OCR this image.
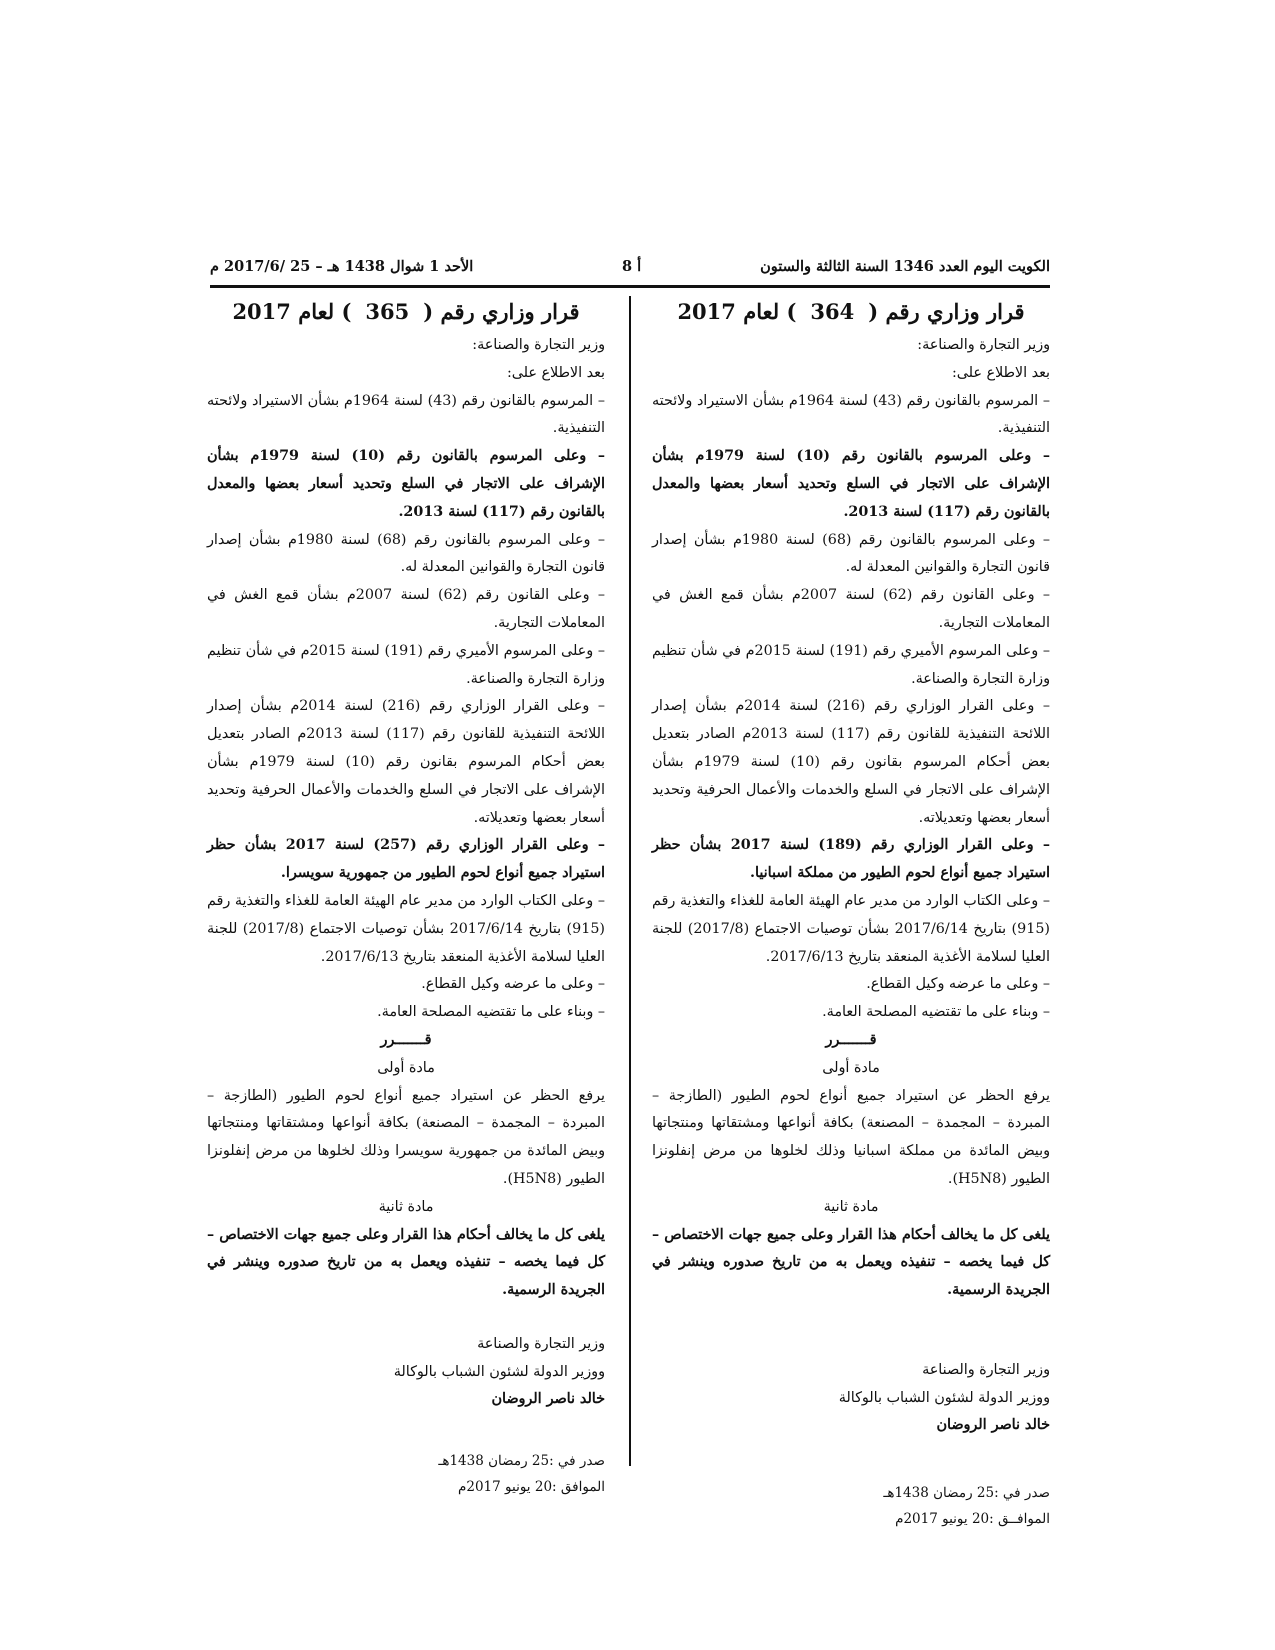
الكويت اليوم العدد 1346 السنة الثالثة والستون
أ 8
الأحد 1 شوال 1438 هـ – 25 /2017/6 م
قرار وزاري رقم (364) لعام 2017

وزير التجارة والصناعة:

بعد الاطلاع على:

– المرسوم بالقانون رقم (43) لسنة 1964م بشأن الاستيراد ولائحته التنفيذية.

– وعلى المرسوم بالقانون رقم (10) لسنة 1979م بشأن الإشراف على الاتجار في السلع وتحديد أسعار بعضها والمعدل بالقانون رقم (117) لسنة 2013.

– وعلى المرسوم بالقانون رقم (68) لسنة 1980م بشأن إصدار قانون التجارة والقوانين المعدلة له.

– وعلى القانون رقم (62) لسنة 2007م بشأن قمع الغش في المعاملات التجارية.

– وعلى المرسوم الأميري رقم (191) لسنة 2015م في شأن تنظيم وزارة التجارة والصناعة.

– وعلى القرار الوزاري رقم (216) لسنة 2014م بشأن إصدار اللائحة التنفيذية للقانون رقم (117) لسنة 2013م الصادر بتعديل بعض أحكام المرسوم بقانون رقم (10) لسنة 1979م بشأن الإشراف على الاتجار في السلع والخدمات والأعمال الحرفية وتحديد أسعار بعضها وتعديلاته.

– وعلى القرار الوزاري رقم (189) لسنة 2017 بشأن حظر استيراد جميع أنواع لحوم الطيور من مملكة اسبانيا.

– وعلى الكتاب الوارد من مدير عام الهيئة العامة للغذاء والتغذية رقم (915) بتاريخ 2017/6/14 بشأن توصيات الاجتماع (2017/8) للجنة العليا لسلامة الأغذية المنعقد بتاريخ 2017/6/13.

– وعلى ما عرضه وكيل القطاع.

– وبناء على ما تقتضيه المصلحة العامة.

قـــــــرر

مادة أولى

يرفع الحظر عن استيراد جميع أنواع لحوم الطيور (الطازجة – المبردة – المجمدة – المصنعة) بكافة أنواعها ومشتقاتها ومنتجاتها وبيض المائدة من مملكة اسبانيا وذلك لخلوها من مرض إنفلونزا الطيور (H5N8).

مادة ثانية

يلغى كل ما يخالف أحكام هذا القرار وعلى جميع جهات الاختصاص – كل فيما يخصه – تنفيذه ويعمل به من تاريخ صدوره وينشر في الجريدة الرسمية.

وزير التجارة والصناعة

ووزير الدولة لشئون الشباب بالوكالة

خالد ناصر الروضان

صدر في :25 رمضان 1438هـ

الموافــق :20 يونيو 2017م

قرار وزاري رقم (365) لعام 2017

وزير التجارة والصناعة:

بعد الاطلاع على:

– المرسوم بالقانون رقم (43) لسنة 1964م بشأن الاستيراد ولائحته التنفيذية.

– وعلى المرسوم بالقانون رقم (10) لسنة 1979م بشأن الإشراف على الاتجار في السلع وتحديد أسعار بعضها والمعدل بالقانون رقم (117) لسنة 2013.

– وعلى المرسوم بالقانون رقم (68) لسنة 1980م بشأن إصدار قانون التجارة والقوانين المعدلة له.

– وعلى القانون رقم (62) لسنة 2007م بشأن قمع الغش في المعاملات التجارية.

– وعلى المرسوم الأميري رقم (191) لسنة 2015م في شأن تنظيم وزارة التجارة والصناعة.

– وعلى القرار الوزاري رقم (216) لسنة 2014م بشأن إصدار اللائحة التنفيذية للقانون رقم (117) لسنة 2013م الصادر بتعديل بعض أحكام المرسوم بقانون رقم (10) لسنة 1979م بشأن الإشراف على الاتجار في السلع والخدمات والأعمال الحرفية وتحديد أسعار بعضها وتعديلاته.

– وعلى القرار الوزاري رقم (257) لسنة 2017 بشأن حظر استيراد جميع أنواع لحوم الطيور من جمهورية سويسرا.

– وعلى الكتاب الوارد من مدير عام الهيئة العامة للغذاء والتغذية رقم (915) بتاريخ 2017/6/14 بشأن توصيات الاجتماع (2017/8) للجنة العليا لسلامة الأغذية المنعقد بتاريخ 2017/6/13.

– وعلى ما عرضه وكيل القطاع.

– وبناء على ما تقتضيه المصلحة العامة.

قـــــــرر

مادة أولى

يرفع الحظر عن استيراد جميع أنواع لحوم الطيور (الطازجة – المبردة – المجمدة – المصنعة) بكافة أنواعها ومشتقاتها ومنتجاتها وبيض المائدة من جمهورية سويسرا وذلك لخلوها من مرض إنفلونزا الطيور (H5N8).

مادة ثانية

يلغى كل ما يخالف أحكام هذا القرار وعلى جميع جهات الاختصاص – كل فيما يخصه – تنفيذه ويعمل به من تاريخ صدوره وينشر في الجريدة الرسمية.

وزير التجارة والصناعة

ووزير الدولة لشئون الشباب بالوكالة

خالد ناصر الروضان

صدر في :25 رمضان 1438هـ

الموافق :20 يونيو 2017م
